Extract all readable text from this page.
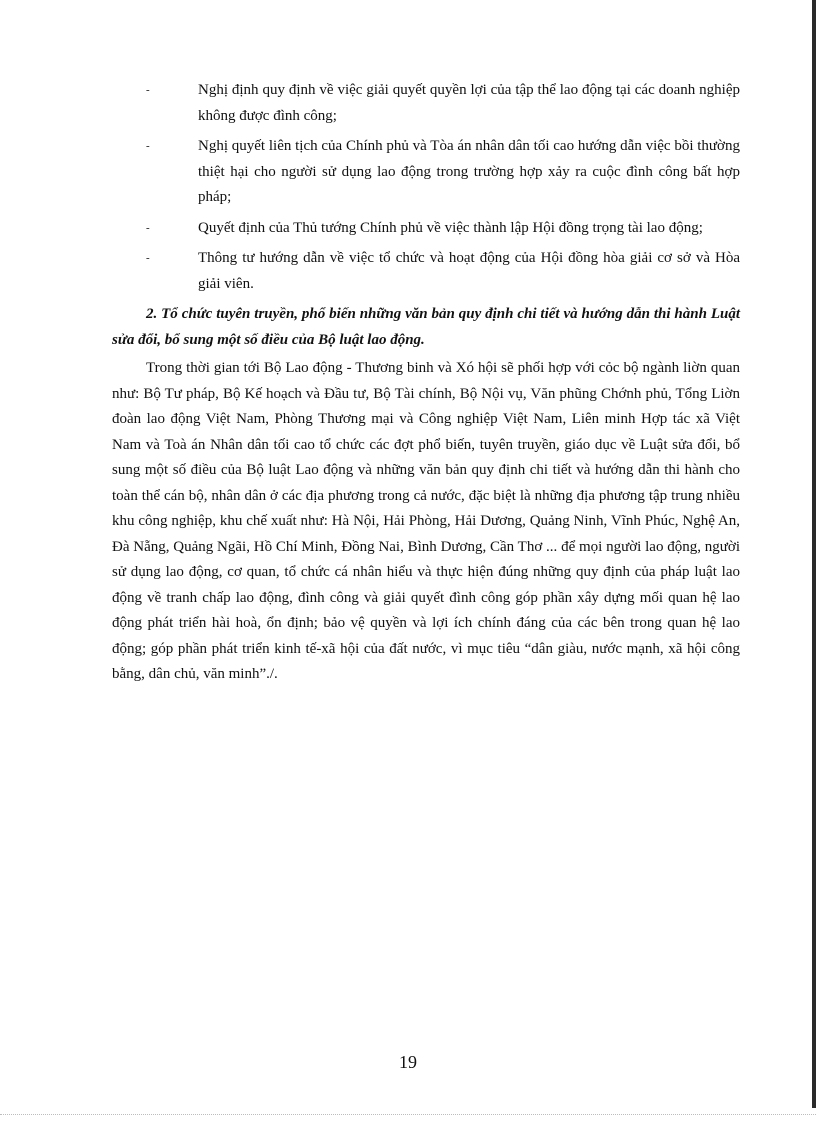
-	Nghị định quy định về việc giải quyết quyền lợi của tập thể lao động tại các doanh nghiệp không được đình công;
-	Nghị quyết liên tịch của Chính phủ và Tòa án nhân dân tối cao hướng dẫn việc bồi thường thiệt hại cho người sử dụng lao động trong trường hợp xảy ra cuộc đình công bất hợp pháp;
-	Quyết định của Thủ tướng Chính phủ về việc thành lập Hội đồng trọng tài lao động;
-	Thông tư hướng dẫn về việc tổ chức và hoạt động của Hội đồng hòa giải cơ sở và Hòa giải viên.

2. Tổ chức tuyên truyền, phổ biến những văn bản quy định chi tiết và hướng dẫn thi hành Luật sửa đổi, bổ sung một số điều của Bộ luật lao động.

Trong thời gian tới Bộ Lao động - Thương binh và Xó hội sẽ phối hợp với cỏc bộ ngành liờn quan như: Bộ Tư pháp, Bộ Kế hoạch và Đầu tư, Bộ Tài chính, Bộ Nội vụ, Văn phũng Chớnh phủ, Tổng Liờn đoàn lao động Việt Nam, Phòng Thương mại và Công nghiệp Việt Nam, Liên minh Hợp tác xã Việt Nam và Toà án Nhân dân tối cao tổ chức các đợt phổ biến, tuyên truyền, giáo dục về Luật sửa đổi, bổ sung một số điều của Bộ luật Lao động và những văn bản quy định chi tiết và hướng dẫn thi hành cho toàn thể cán bộ, nhân dân ở các địa phương trong cả nước, đặc biệt là những địa phương tập trung nhiều khu công nghiệp, khu chế xuất như: Hà Nội, Hải Phòng, Hải Dương, Quảng Ninh, Vĩnh Phúc, Nghệ An, Đà Nẵng, Quảng Ngãi, Hồ Chí Minh, Đồng Nai, Bình Dương, Cần Thơ ... để mọi người lao động, người sử dụng lao động, cơ quan, tổ chức cá nhân hiểu và thực hiện đúng những quy định của pháp luật lao động về tranh chấp lao động, đình công và giải quyết đình công góp phần xây dựng mối quan hệ lao động phát triển hài hoà, ổn định; bảo vệ quyền và lợi ích chính đáng của các bên trong quan hệ lao động; góp phần phát triển kinh tế-xã hội của đất nước, vì mục tiêu “dân giàu, nước mạnh, xã hội công bằng, dân chủ, văn minh”./.

19
